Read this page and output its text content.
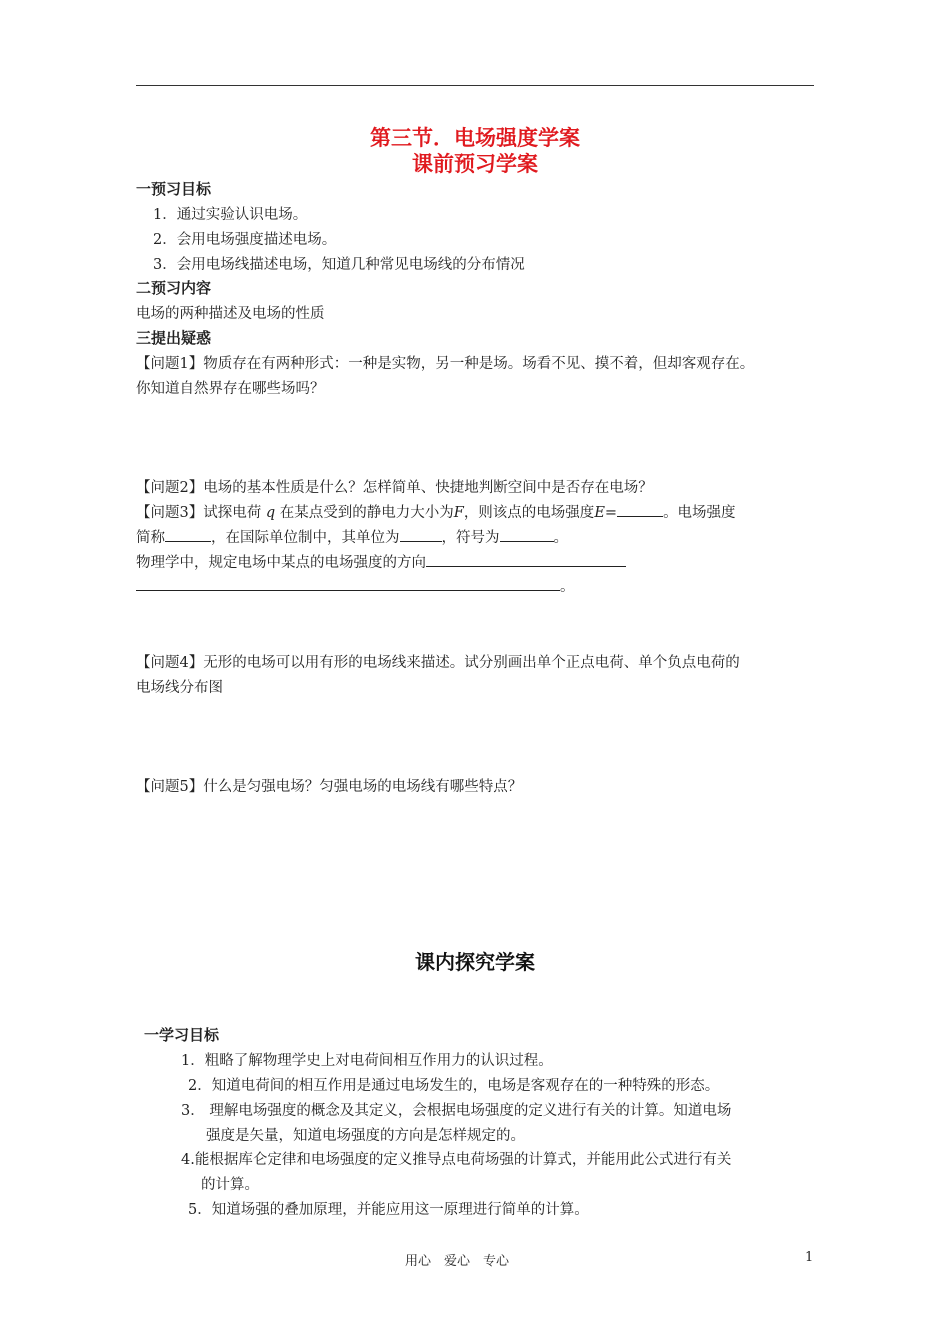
第三节．电场强度学案
课前预习学案
一预习目标
1．通过实验认识电场。
2．会用电场强度描述电场。
3．会用电场线描述电场，知道几种常见电场线的分布情况
二预习内容
电场的两种描述及电场的性质
三提出疑惑
【问题1】物质存在有两种形式：一种是实物，另一种是场。场看不见、摸不着，但却客观存在。
你知道自然界存在哪些场吗？
【问题2】电场的基本性质是什么？怎样简单、快捷地判断空间中是否存在电场？
【问题3】试探电荷 q 在某点受到的静电力大小为F，则该点的电场强度E=	。电场强度
简称	，在国际单位制中，其单位为	，符号为	。
物理学中，规定电场中某点的电场强度的方向
。
【问题4】无形的电场可以用有形的电场线来描述。试分别画出单个正点电荷、单个负点电荷的
电场线分布图
【问题5】什么是匀强电场？匀强电场的电场线有哪些特点？
课内探究学案
一学习目标
1．粗略了解物理学史上对电荷间相互作用力的认识过程。
2．知道电荷间的相互作用是通过电场发生的，电场是客观存在的一种特殊的形态。
3． 理解电场强度的概念及其定义，会根据电场强度的定义进行有关的计算。知道电场
强度是矢量，知道电场强度的方向是怎样规定的。
4.能根据库仑定律和电场强度的定义推导点电荷场强的计算式，并能用此公式进行有关
的计算。
5．知道场强的叠加原理，并能应用这一原理进行简单的计算。
用心　爱心　专心	1
